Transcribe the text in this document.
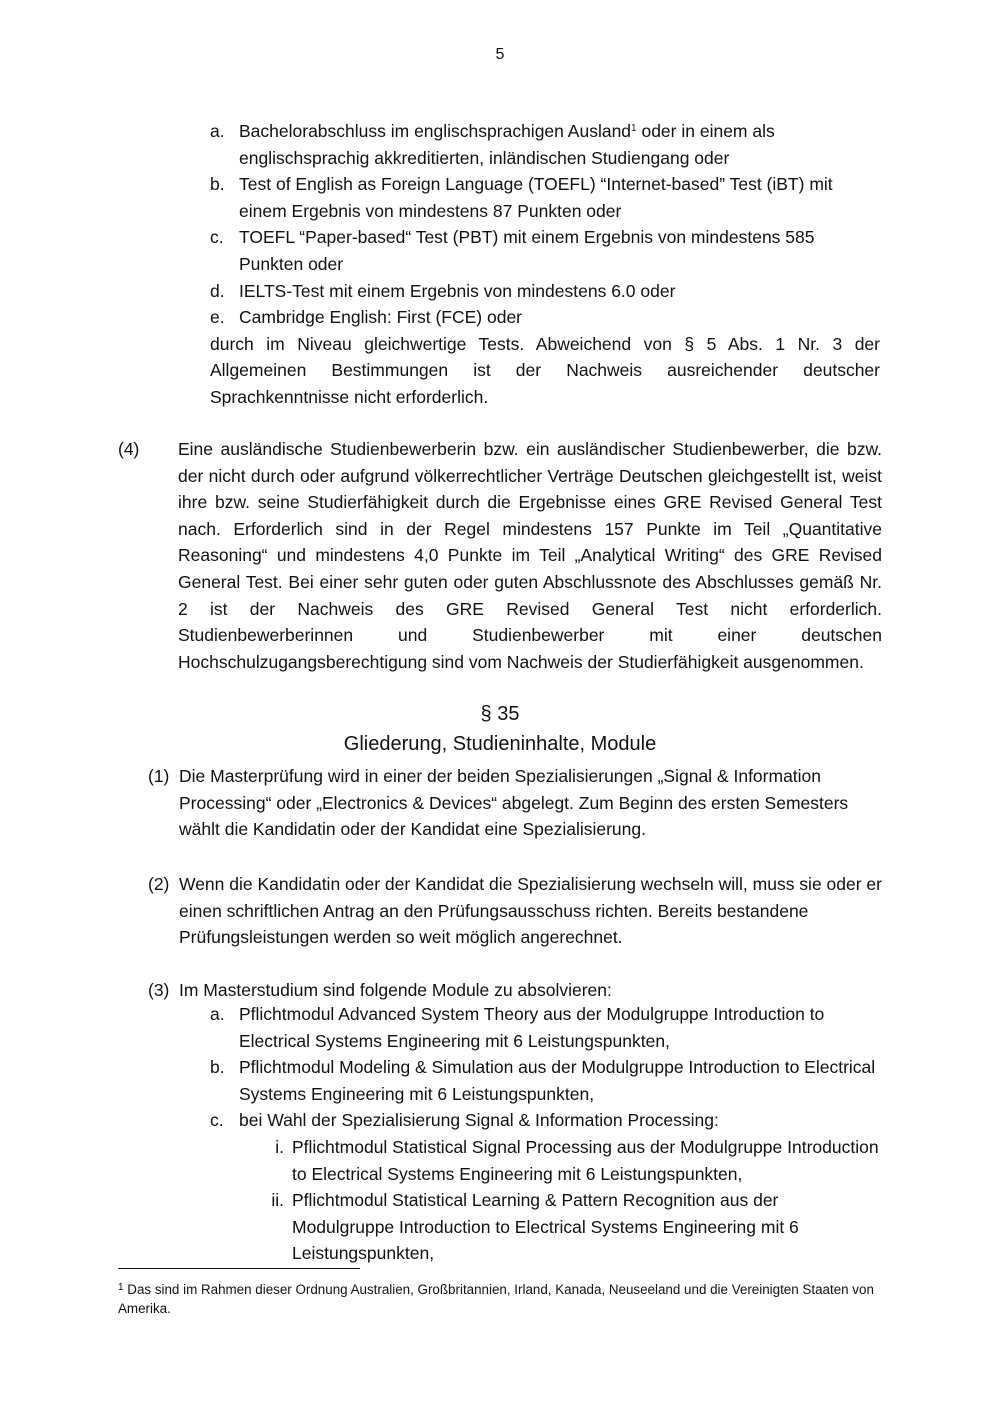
5
a. Bachelorabschluss im englischsprachigen Ausland$^1$ oder in einem als englischsprachig akkreditierten, inländischen Studiengang oder
b. Test of English as Foreign Language (TOEFL) “Internet-based” Test (iBT) mit einem Ergebnis von mindestens 87 Punkten oder
c. TOEFL “Paper-based“ Test (PBT) mit einem Ergebnis von mindestens 585 Punkten oder
d. IELTS-Test mit einem Ergebnis von mindestens 6.0 oder
e. Cambridge English: First (FCE) oder
durch im Niveau gleichwertige Tests. Abweichend von § 5 Abs. 1 Nr. 3 der Allgemeinen Bestimmungen ist der Nachweis ausreichender deutscher Sprachkenntnisse nicht erforderlich.
(4)	Eine ausländische Studienbewerberin bzw. ein ausländischer Studienbewerber, die bzw. der nicht durch oder aufgrund völkerrechtlicher Verträge Deutschen gleichgestellt ist, weist ihre bzw. seine Studierfähigkeit durch die Ergebnisse eines GRE Revised General Test nach. Erforderlich sind in der Regel mindestens 157 Punkte im Teil „Quantitative Reasoning“ und mindestens 4,0 Punkte im Teil „Analytical Writing“ des GRE Revised General Test. Bei einer sehr guten oder guten Abschlussnote des Abschlusses gemäß Nr. 2 ist der Nachweis des GRE Revised General Test nicht erforderlich. Studienbewerberinnen und Studienbewerber mit einer deutschen Hochschulzugangsberechtigung sind vom Nachweis der Studierfähigkeit ausgenommen.
§ 35
Gliederung, Studieninhalte, Module
(1) Die Masterprüfung wird in einer der beiden Spezialisierungen „Signal & Information Processing“ oder „Electronics & Devices“ abgelegt. Zum Beginn des ersten Semesters wählt die Kandidatin oder der Kandidat eine Spezialisierung.
(2) Wenn die Kandidatin oder der Kandidat die Spezialisierung wechseln will, muss sie oder er einen schriftlichen Antrag an den Prüfungsausschuss richten. Bereits bestandene Prüfungsleistungen werden so weit möglich angerechnet.
(3) Im Masterstudium sind folgende Module zu absolvieren:
a. Pflichtmodul Advanced System Theory aus der Modulgruppe Introduction to Electrical Systems Engineering mit 6 Leistungspunkten,
b. Pflichtmodul Modeling & Simulation aus der Modulgruppe Introduction to Electrical Systems Engineering mit 6 Leistungspunkten,
c. bei Wahl der Spezialisierung Signal & Information Processing:
i. Pflichtmodul Statistical Signal Processing aus der Modulgruppe Introduction to Electrical Systems Engineering mit 6 Leistungspunkten,
ii. Pflichtmodul Statistical Learning & Pattern Recognition aus der Modulgruppe Introduction to Electrical Systems Engineering mit 6 Leistungspunkten,
$^1$ Das sind im Rahmen dieser Ordnung Australien, Großbritannien, Irland, Kanada, Neuseeland und die Vereinigten Staaten von Amerika.
